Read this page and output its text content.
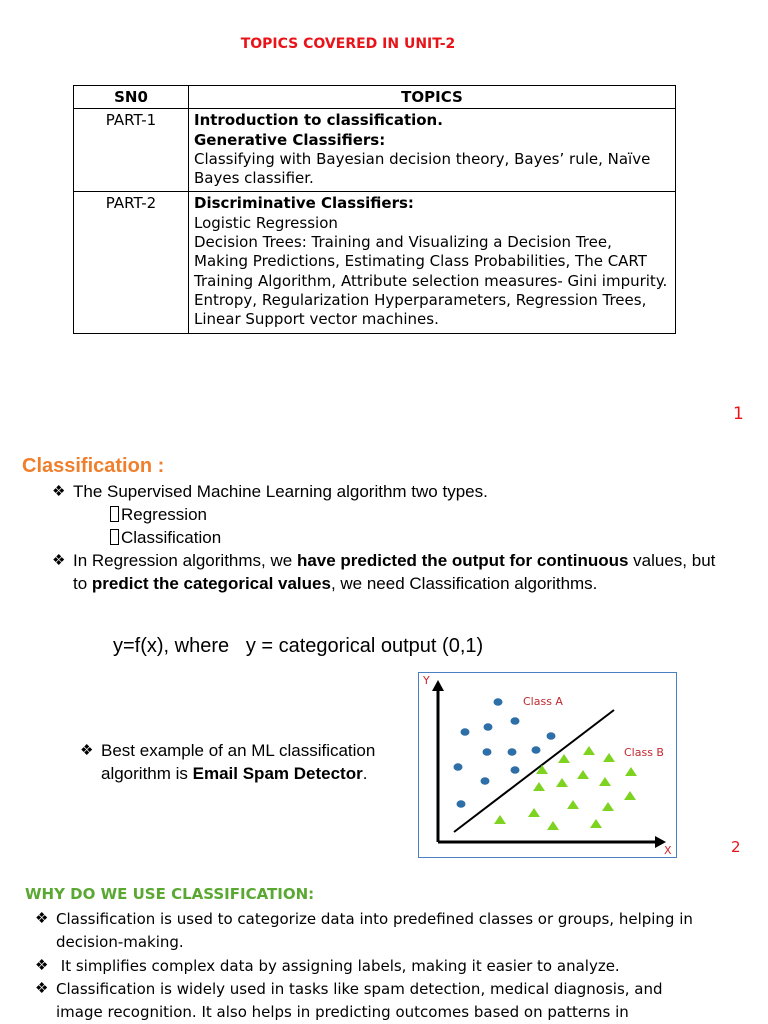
TOPICS COVERED IN UNIT-2
SN0	TOPICS
PART-1	Introduction to classification.
Generative Classifiers:
Classifying with Bayesian decision theory, Bayes’ rule, Naïve Bayes classifier.

PART-2	Discriminative Classifiers:
Logistic Regression
Decision Trees: Training and Visualizing a Decision Tree, Making Predictions, Estimating Class Probabilities, The CART Training Algorithm, Attribute selection measures- Gini impurity.
Entropy, Regularization Hyperparameters, Regression Trees, Linear Support vector machines.
1
Classification :
❖ The Supervised Machine Learning algorithm two types.
Regression
Classification
❖ In Regression algorithms, we have predicted the output for continuous values, but to predict the categorical values, we need Classification algorithms.
y=f(x), where   y = categorical output (0,1)
❖ Best example of an ML classification algorithm is Email Spam Detector.
Y
X
Class A
Class B
2
WHY DO WE USE CLASSIFICATION:
❖ Classification is used to categorize data into predefined classes or groups, helping in decision-making.
❖ It simplifies complex data by assigning labels, making it easier to analyze.
❖ Classification is widely used in tasks like spam detection, medical diagnosis, and image recognition. It also helps in predicting outcomes based on patterns in
